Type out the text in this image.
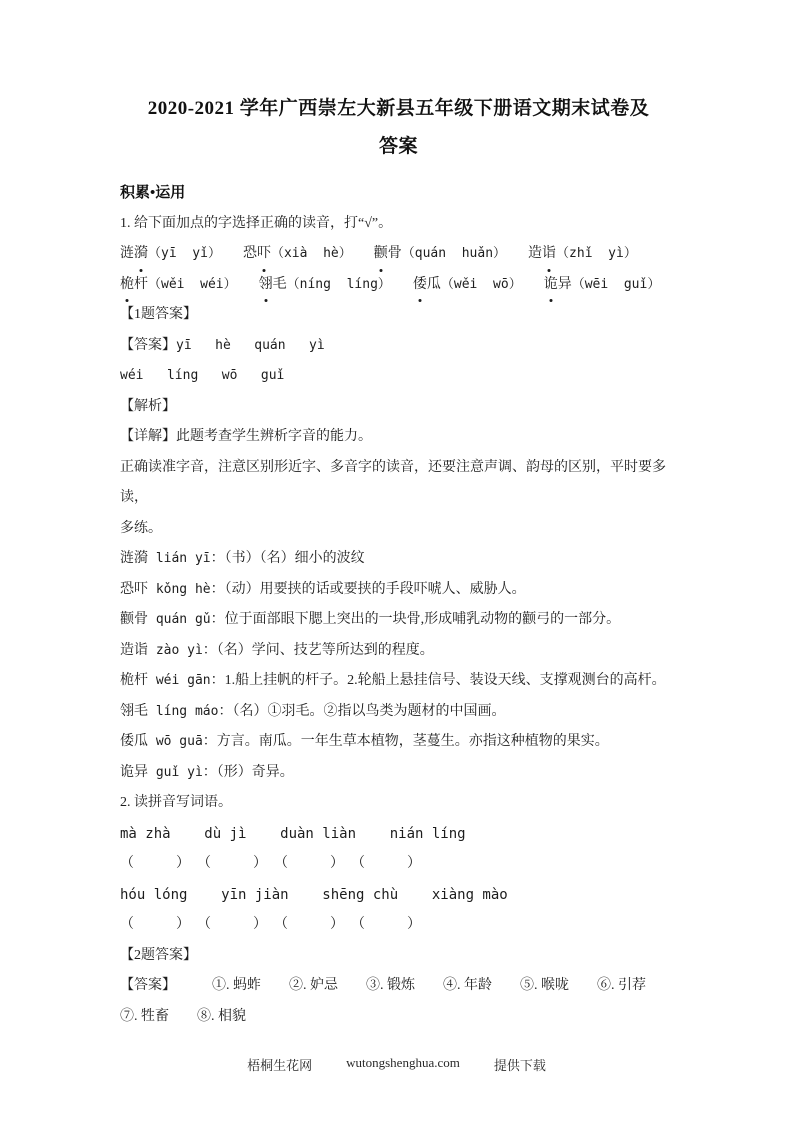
2020-2021 学年广西崇左大新县五年级下册语文期末试卷及
答案
积累•运用
1. 给下面加点的字选择正确的读音，打“√”。
涟漪（yī  yǐ） 恐吓（xià  hè） 颧骨（quán  huǎn） 造诣（zhǐ  yì）
桅杆（wěi  wéi） 翎毛（níng  líng） 倭瓜（wěi  wō） 诡异（wēi  guǐ）
【1题答案】
【答案】yī   hè   quán   yì
wéi   líng   wō   guǐ
【解析】
【详解】此题考查学生辨析字音的能力。
正确读准字音，注意区别形近字、多音字的读音，还要注意声调、韵母的区别，平时要多读，
多练。
涟漪 lián yī：（书）（名）细小的波纹
恐吓 kǒng hè：（动）用要挟的话或要挟的手段吓唬人、威胁人。
颧骨 quán gǔ：位于面部眼下腮上突出的一块骨,形成哺乳动物的颧弓的一部分。
造诣 zào yì：（名）学问、技艺等所达到的程度。
桅杆 wéi gān：1.船上挂帆的杆子。2.轮船上悬挂信号、装设天线、支撑观测台的高杆。
翎毛 líng máo：（名）①羽毛。②指以鸟类为题材的中国画。
倭瓜 wō guā：方言。南瓜。一年生草本植物，茎蔓生。亦指这种植物的果实。
诡异 guǐ yì：（形）奇异。
2. 读拼音写词语。
mà zhà    dù jì    duàn liàn    nián líng
（　　　）  （　　　）  （　　　）  （　　　）
hóu lóng    yīn jiàn    shēng chù    xiàng mào
（　　　）  （　　　）  （　　　）  （　　　）
【2题答案】
【答案】	①. 蚂蚱 ②. 妒忌 ③. 锻炼 ④. 年龄 ⑤. 喉咙 ⑥. 引荐
⑦. 牲畜 ⑧. 相貌
梧桐生花网	wutongshenghua.com	提供下载
